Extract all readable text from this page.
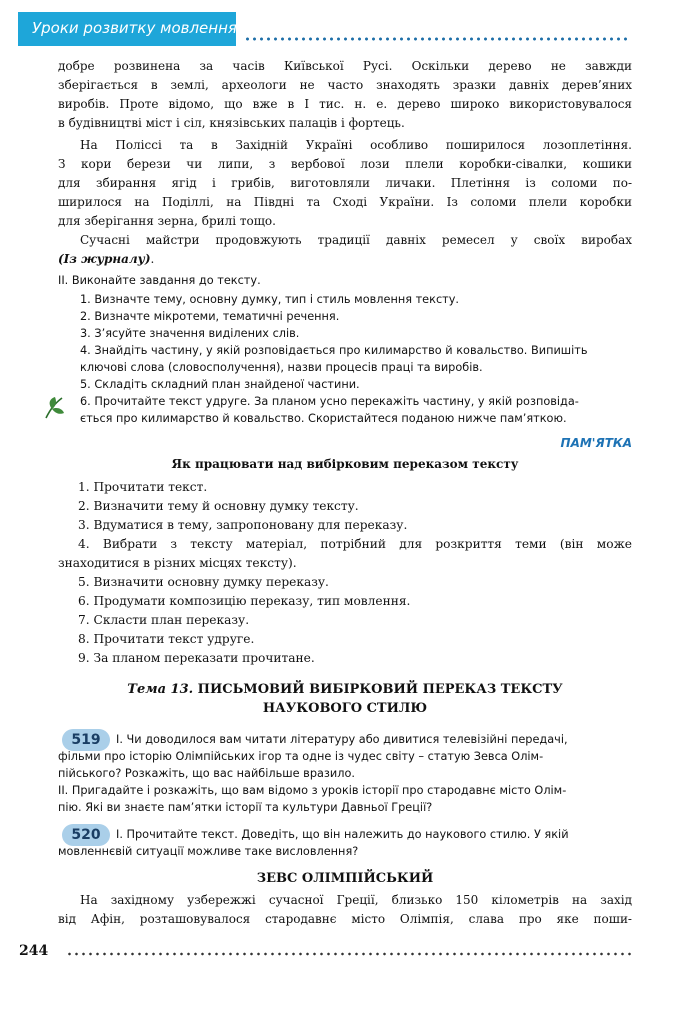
Уроки розвитку мовлення
добре розвинена за часів Київської Русі. Оскільки дерево не завжди
зберігається в землі, археологи не часто знаходять зразки давніх дерев’яних
виробів. Проте відомо, що вже в І тис. н. е. дерево широко використовувалося
в будівництві міст і сіл, князівських палаців і фортець.
На Поліссі та в Західній Україні особливо поширилося лозоплетіння.
З кори берези чи липи, з вербової лози плели коробки-сівалки, кошики
для збирання ягід і грибів, виготовляли личаки. Плетіння із соломи по-
ширилося на Поділлі, на Півдні та Сході України. Із соломи плели коробки
для зберігання зерна, брилі тощо.
Сучасні майстри продовжують традиції давніх ремесел у своїх виробах
(Із журналу).
ІІ. Виконайте завдання до тексту.
1. Визначте тему, основну думку, тип і стиль мовлення тексту.
2. Визначте мікротеми, тематичні речення.
3. З’ясуйте значення виділених слів.
4. Знайдіть частину, у якій розповідається про килимарство й ковальство. Випишіть
ключові слова (словосполучення), назви процесів праці та виробів.
5. Складіть складний план знайденої частини.
6. Прочитайте текст удруге. За планом усно перекажіть частину, у якій розповіда-
ється про килимарство й ковальство. Скористайтеся поданою нижче пам’яткою.
ПАМ'ЯТКА
Як працювати над вибірковим переказом тексту
1. Прочитати текст.
2. Визначити тему й основну думку тексту.
3. Вдуматися в тему, запропоновану для переказу.
4. Вибрати з тексту матеріал, потрібний для розкриття теми (він може
знаходитися в різних місцях тексту).
5. Визначити основну думку переказу.
6. Продумати композицію переказу, тип мовлення.
7. Скласти план переказу.
8. Прочитати текст удруге.
9. За планом переказати прочитане.
Тема 13. ПИСЬМОВИЙ ВИБІРКОВИЙ ПЕРЕКАЗ ТЕКСТУ
НАУКОВОГО СТИЛЮ
519	І. Чи доводилося вам читати літературу або дивитися телевізійні передачі,
фільми про історію Олімпійських ігор та одне із чудес світу – статую Зевса Олім-
пійського? Розкажіть, що вас найбільше вразило.
ІІ. Пригадайте і розкажіть, що вам відомо з уроків історії про стародавнє місто Олім-
пію. Які ви знаєте пам’ятки історії та культури Давньої Греції?
520	І. Прочитайте текст. Доведіть, що він належить до наукового стилю. У якій
мовленнєвій ситуації можливе таке висловлення?
ЗЕВС ОЛІМПІЙСЬКИЙ
На західному узбережжі сучасної Греції, близько 150 кілометрів на захід
від Афін, розташовувалося стародавнє місто Олімпія, слава про яке поши-
244
